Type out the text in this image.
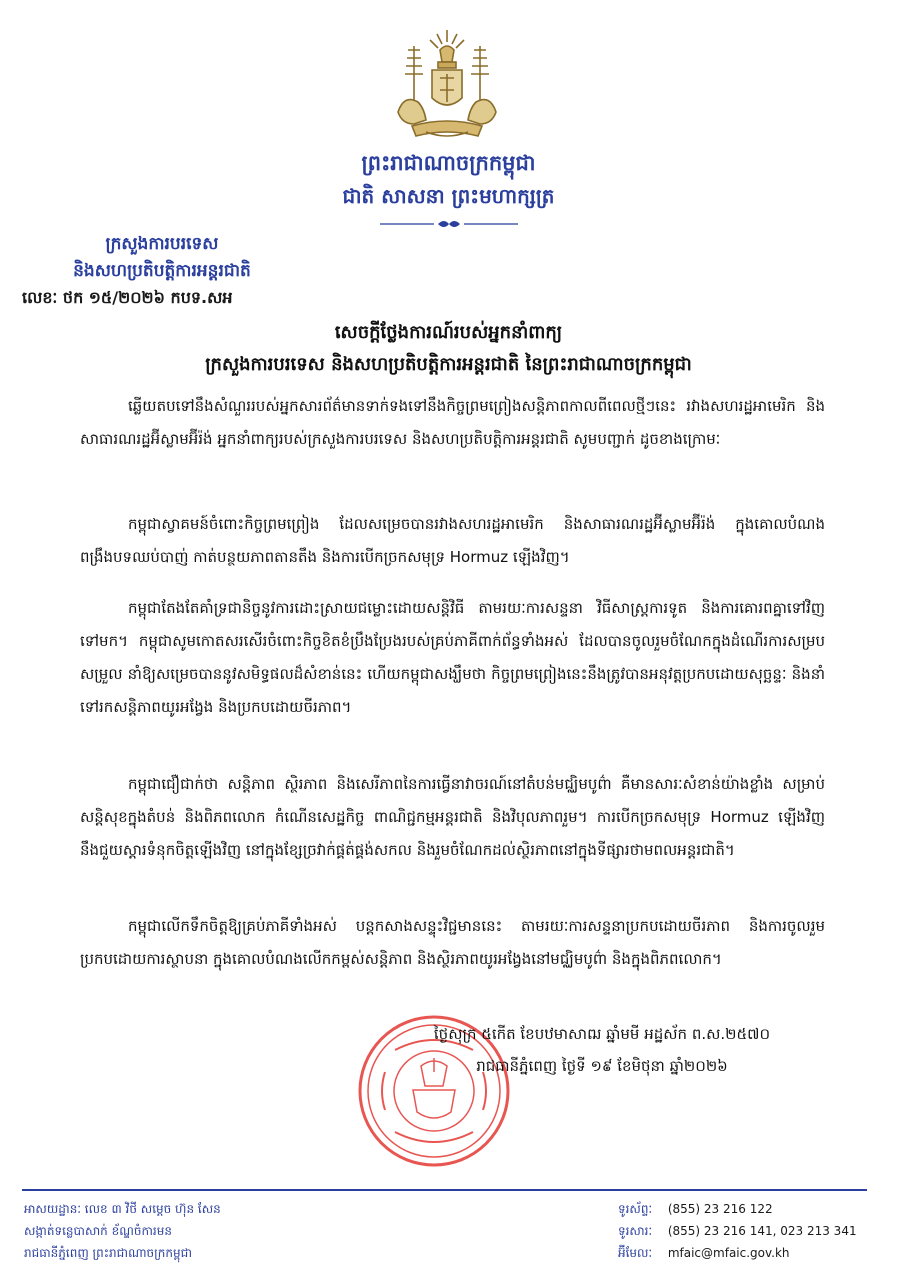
ព្រះរាជាណាចក្រកម្ពុជា
ជាតិ សាសនា ព្រះមហាក្សត្រ
ក្រសួងការបរទេស
និងសហប្រតិបត្តិការអន្តរជាតិ
លេខៈ ថក ១៥/២០២៦ កបទ.សអ
សេចក្តីថ្លែងការណ៍របស់អ្នកនាំពាក្យ
ក្រសួងការបរទេស និងសហប្រតិបត្តិការអន្តរជាតិ នៃព្រះរាជាណាចក្រកម្ពុជា
ឆ្លើយតបទៅនឹងសំណួររបស់អ្នកសារព័ត៌មានទាក់ទងទៅនឹងកិច្ចព្រមព្រៀងសន្តិភាពកាលពីពេលថ្មីៗនេះ រវាងសហរដ្ឋអាមេរិក និងសាធារណរដ្ឋអ៊ីស្លាមអ៊ីរ៉ង់ អ្នកនាំពាក្យរបស់ក្រសួងការបរទេស និងសហប្រតិបត្តិការអន្តរជាតិ សូមបញ្ជាក់ ដូចខាងក្រោមៈ
កម្ពុជាស្វាគមន៍ចំពោះកិច្ចព្រមព្រៀង ដែលសម្រេចបានរវាងសហរដ្ឋអាមេរិក និងសាធារណរដ្ឋអ៊ីស្លាមអ៊ីរ៉ង់ ក្នុងគោលបំណងពង្រឹងបទឈប់បាញ់ កាត់បន្ថយភាពតានតឹង និងការបើកច្រកសមុទ្រ Hormuz ឡើងវិញ។
កម្ពុជាតែងតែគាំទ្រជានិច្ចនូវការដោះស្រាយជម្លោះដោយសន្តិវិធី តាមរយៈការសន្ទនា វិធីសាស្ត្រការទូត និងការគោរពគ្នាទៅវិញទៅមក។ កម្ពុជាសូមកោតសរសើរចំពោះកិច្ចខិតខំប្រឹងប្រែងរបស់គ្រប់ភាគីពាក់ព័ន្ធទាំងអស់ ដែលបានចូលរួមចំណែកក្នុងដំណើរការសម្របសម្រួល នាំឱ្យសម្រេចបាននូវសមិទ្ធផលដ៏សំខាន់នេះ ហើយកម្ពុជាសង្ឃឹមថា កិច្ចព្រមព្រៀងនេះនឹងត្រូវបានអនុវត្តប្រកបដោយសុច្ឆន្ទៈ និងនាំទៅរកសន្តិភាពយូរអង្វែង និងប្រកបដោយចីរភាព។
កម្ពុជាជឿជាក់ថា សន្តិភាព ស្ថិរភាព និងសេរីភាពនៃការធ្វើនាវាចរណ៍នៅតំបន់មជ្ឈិមបូព៌ា គឺមានសារៈសំខាន់យ៉ាងខ្លាំង សម្រាប់សន្តិសុខក្នុងតំបន់ និងពិភពលោក កំណើនសេដ្ឋកិច្ច ពាណិជ្ជកម្មអន្តរជាតិ និងវិបុលភាពរួម។ ការបើកច្រកសមុទ្រ Hormuz ឡើងវិញ នឹងជួយស្តារទំនុកចិត្តឡើងវិញ នៅក្នុងខ្សែច្រវាក់ផ្គត់ផ្គង់សកល និងរួមចំណែកដល់ស្ថិរភាពនៅក្នុងទីផ្សារថាមពលអន្តរជាតិ។
កម្ពុជាលើកទឹកចិត្តឱ្យគ្រប់ភាគីទាំងអស់ បន្តកសាងសន្ទុះវិជ្ជមាននេះ តាមរយៈការសន្ទនាប្រកបដោយចីរភាព និងការចូលរួមប្រកបដោយការស្ថាបនា ក្នុងគោលបំណងលើកកម្ពស់សន្តិភាព និងស្ថិរភាពយូរអង្វែងនៅមជ្ឈិមបូព៌ា និងក្នុងពិភពលោក។
ថ្ងៃសុក្រ ៥កើត ខែបឋមាសាឍ ឆ្នាំមមី អដ្ឋស័ក ព.ស.២៥៧០
រាជធានីភ្នំពេញ ថ្ងៃទី ១៩ ខែមិថុនា ឆ្នាំ២០២៦
អាសយដ្ឋានៈ លេខ ៣ វិថី សម្តេច ហ៊ុន សែន
សង្កាត់ទន្លេបាសាក់ ខ័ណ្ឌចំការមន
រាជធានីភ្នំពេញ ព្រះរាជាណាចក្រកម្ពុជា
ទូរស័ព្ទៈ (855) 23 216 122
ទូរសារៈ (855) 23 216 141, 023 213 341
អ៊ីមែលៈ mfaic@mfaic.gov.kh
